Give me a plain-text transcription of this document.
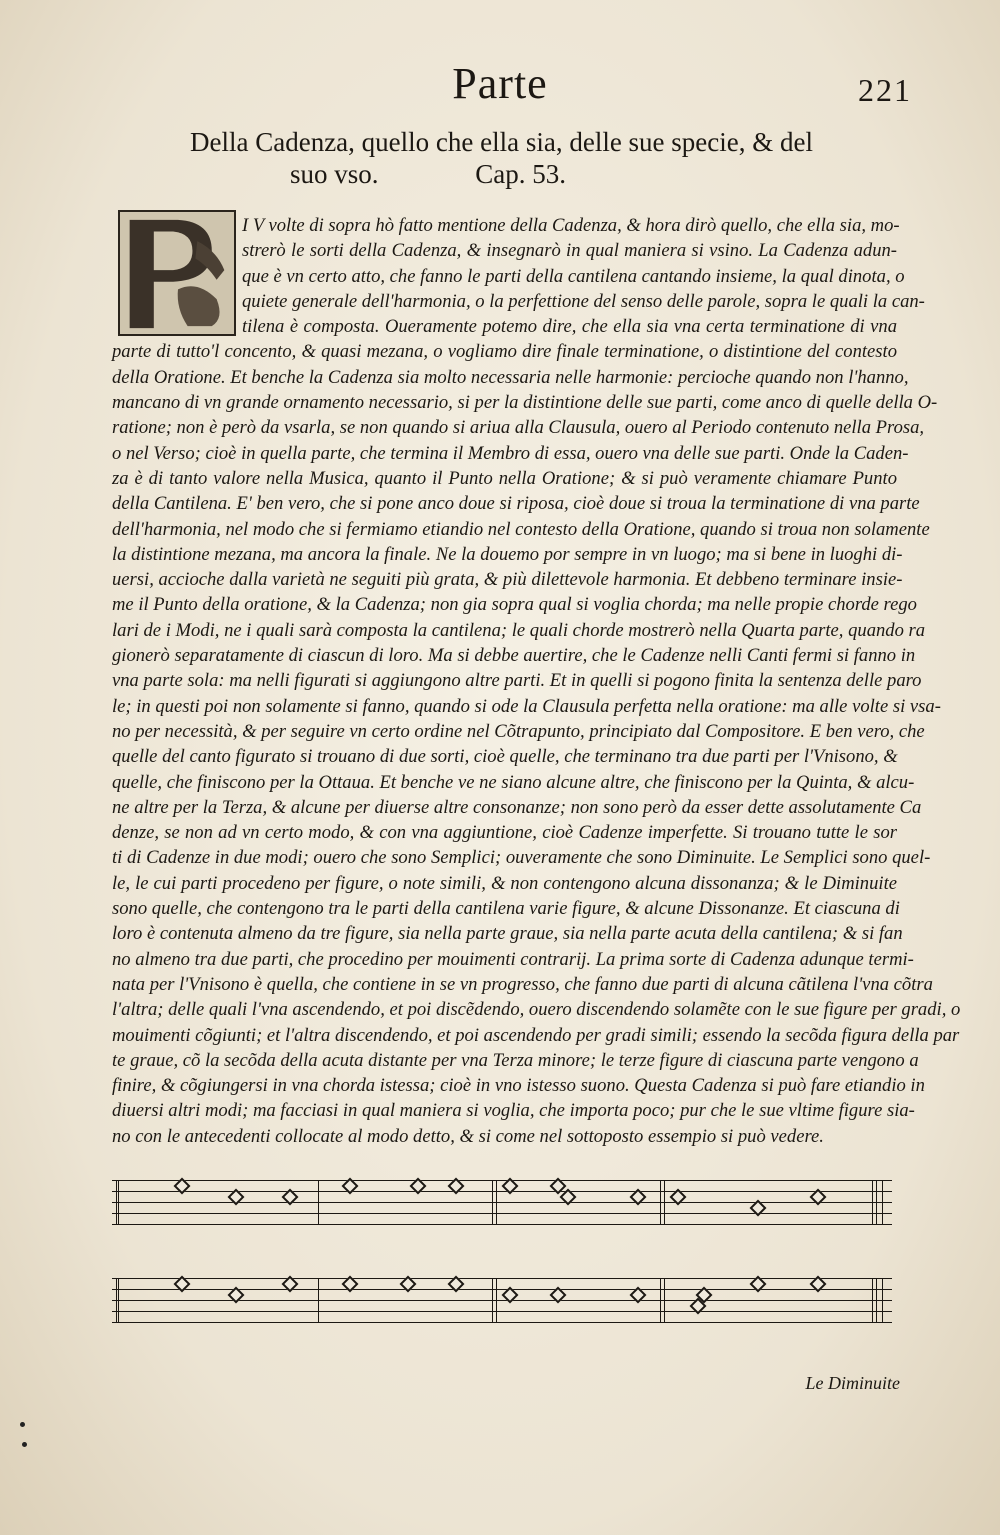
Parte	221
Della Cadenza, quello che ella sia, delle sue specie, & del
suo vso.	Cap. 53.
I V volte di sopra hò fatto mentione della Cadenza, & hora dirò quello, che ella sia, mo-
strerò le sorti della Cadenza, & insegnarò in qual maniera si vsino. La Cadenza adun-
que è vn certo atto, che fanno le parti della cantilena cantando insieme, la qual dinota, o
quiete generale dell'harmonia, o la perfettione del senso delle parole, sopra le quali la can-
tilena è composta. Oueramente potemo dire, che ella sia vna certa terminatione di vna
parte di tutto'l concento, & quasi mezana, o vogliamo dire finale terminatione, o distintione del contesto
della Oratione. Et benche la Cadenza sia molto necessaria nelle harmonie: percioche quando non l'hanno,
mancano di vn grande ornamento necessario, si per la distintione delle sue parti, come anco di quelle della O-
ratione; non è però da vsarla, se non quando si ariua alla Clausula, ouero al Periodo contenuto nella Prosa,
o nel Verso; cioè in quella parte, che termina il Membro di essa, ouero vna delle sue parti. Onde la Caden-
za è di tanto valore nella Musica, quanto il Punto nella Oratione; & si può veramente chiamare Punto
della Cantilena. E' ben vero, che si pone anco doue si riposa, cioè doue si troua la terminatione di vna parte
dell'harmonia, nel modo che si fermiamo etiandio nel contesto della Oratione, quando si troua non solamente
la distintione mezana, ma ancora la finale. Ne la douemo por sempre in vn luogo; ma si bene in luoghi di-
uersi, accioche dalla varietà ne seguiti più grata, & più dilettevole harmonia. Et debbeno terminare insie-
me il Punto della oratione, & la Cadenza; non gia sopra qual si voglia chorda; ma nelle propie chorde rego
lari de i Modi, ne i quali sarà composta la cantilena; le quali chorde mostrerò nella Quarta parte, quando ra
gionerò separatamente di ciascun di loro. Ma si debbe auertire, che le Cadenze nelli Canti fermi si fanno in
vna parte sola: ma nelli figurati si aggiungono altre parti. Et in quelli si pogono finita la sentenza delle paro
le; in questi poi non solamente si fanno, quando si ode la Clausula perfetta nella oratione: ma alle volte si vsa-
no per necessità, & per seguire vn certo ordine nel Cõtrapunto, principiato dal Compositore. E ben vero, che
quelle del canto figurato si trouano di due sorti, cioè quelle, che terminano tra due parti per l'Vnisono, &
quelle, che finiscono per la Ottaua. Et benche ve ne siano alcune altre, che finiscono per la Quinta, & alcu-
ne altre per la Terza, & alcune per diuerse altre consonanze; non sono però da esser dette assolutamente Ca
denze, se non ad vn certo modo, & con vna aggiuntione, cioè Cadenze imperfette. Si trouano tutte le sor
ti di Cadenze in due modi; ouero che sono Semplici; ouveramente che sono Diminuite. Le Semplici sono quel-
le, le cui parti procedeno per figure, o note simili, & non contengono alcuna dissonanza; & le Diminuite
sono quelle, che contengono tra le parti della cantilena varie figure, & alcune Dissonanze. Et ciascuna di
loro è contenuta almeno da tre figure, sia nella parte graue, sia nella parte acuta della cantilena; & si fan
no almeno tra due parti, che procedino per mouimenti contrarij. La prima sorte di Cadenza adunque termi-
nata per l'Vnisono è quella, che contiene in se vn progresso, che fanno due parti di alcuna cãtilena l'vna cõtra
l'altra; delle quali l'vna ascendendo, et poi discẽdendo, ouero discendendo solamẽte con le sue figure per gradi, o
mouimenti cõgiunti; et l'altra discendendo, et poi ascendendo per gradi simili; essendo la secõda figura della par
te graue, cõ la secõda della acuta distante per vna Terza minore; le terze figure di ciascuna parte vengono a
finire, & cõgiungersi in vna chorda istessa; cioè in vno istesso suono. Questa Cadenza si può fare etiandio in
diuersi altri modi; ma facciasi in qual maniera si voglia, che importa poco; pur che le sue vltime figure sia-
no con le antecedenti collocate al modo detto, & si come nel sottoposto essempio si può vedere.
Le Diminuite
